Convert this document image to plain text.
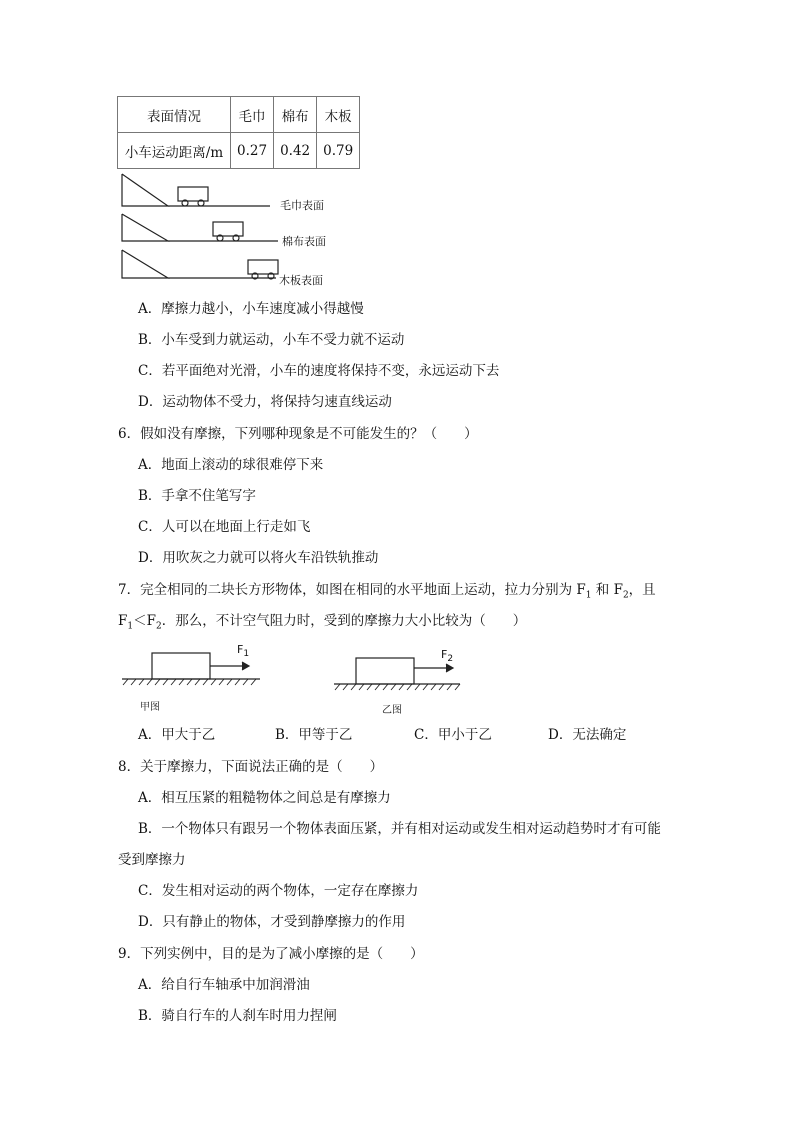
表面情况	毛巾	棉布	木板
小车运动距离/m	0.27	0.42	0.79
毛巾表面
棉布表面
木板表面
A．摩擦力越小，小车速度减小得越慢
B．小车受到力就运动，小车不受力就不运动
C．若平面绝对光滑，小车的速度将保持不变，永远运动下去
D．运动物体不受力，将保持匀速直线运动
6．假如没有摩擦，下列哪种现象是不可能发生的？（　　）
A．地面上滚动的球很难停下来
B．手拿不住笔写字
C．人可以在地面上行走如飞
D．用吹灰之力就可以将火车沿铁轨推动
7．完全相同的二块长方形物体，如图在相同的水平地面上运动，拉力分别为 $F_1$ 和 $F_2$，且
$F_1<F_2$．那么，不计空气阻力时，受到的摩擦力大小比较为（　　）
$F_1$
甲图
$F_2$
乙图
A．甲大于乙	B．甲等于乙	C．甲小于乙	D．无法确定
8．关于摩擦力，下面说法正确的是（　　）
A．相互压紧的粗糙物体之间总是有摩擦力
B．一个物体只有跟另一个物体表面压紧，并有相对运动或发生相对运动趋势时才有可能
受到摩擦力
C．发生相对运动的两个物体，一定存在摩擦力
D．只有静止的物体，才受到静摩擦力的作用
9．下列实例中，目的是为了减小摩擦的是（　　）
A．给自行车轴承中加润滑油
B．骑自行车的人刹车时用力捏闸
